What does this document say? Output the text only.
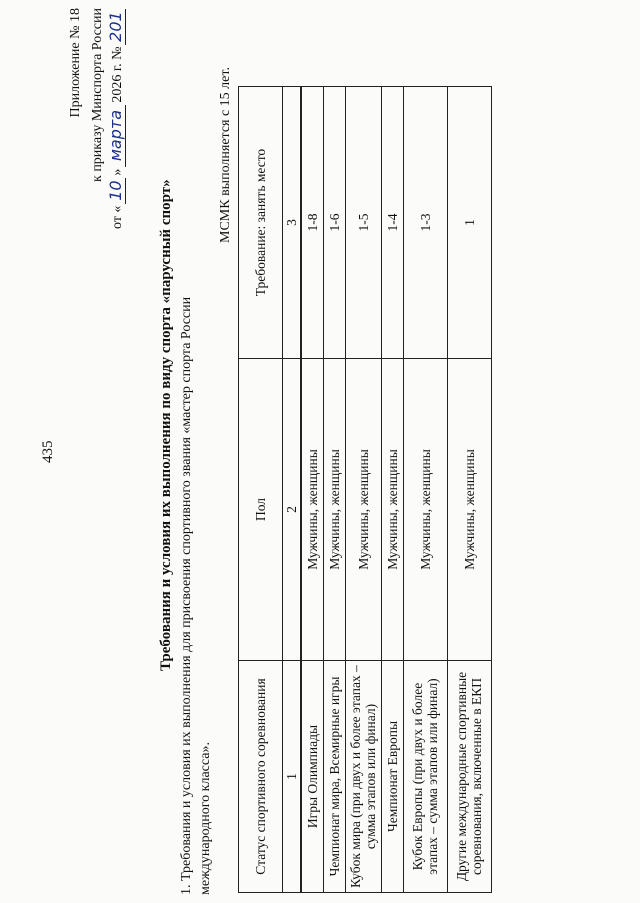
435
Приложение № 18 к приказу Минспорта России
от «
10
»
марта
2026 г. №
201
Требования и условия их выполнения по виду спорта «парусный спорт» 1. Требования и условия их выполнения для присвоения спортивного звания «мастер спорта России международного класса».
МСМК выполняется с 15 лет.
Статус спортивного соревнования	Пол	Требование: занять место
1	2	3
Игры Олимпиады	Мужчины, женщины	1-8
Чемпионат мира, Всемирные игры	Мужчины, женщины	1-6
Кубок мира (при двух и более этапах – сумма этапов или финал)	Мужчины, женщины	1-5
Чемпионат Европы	Мужчины, женщины	1-4
Кубок Европы (при двух и более этапах – сумма этапов или финал)	Мужчины, женщины	1-3
Другие международные спортивные соревнования, включенные в ЕКП	Мужчины, женщины	1
